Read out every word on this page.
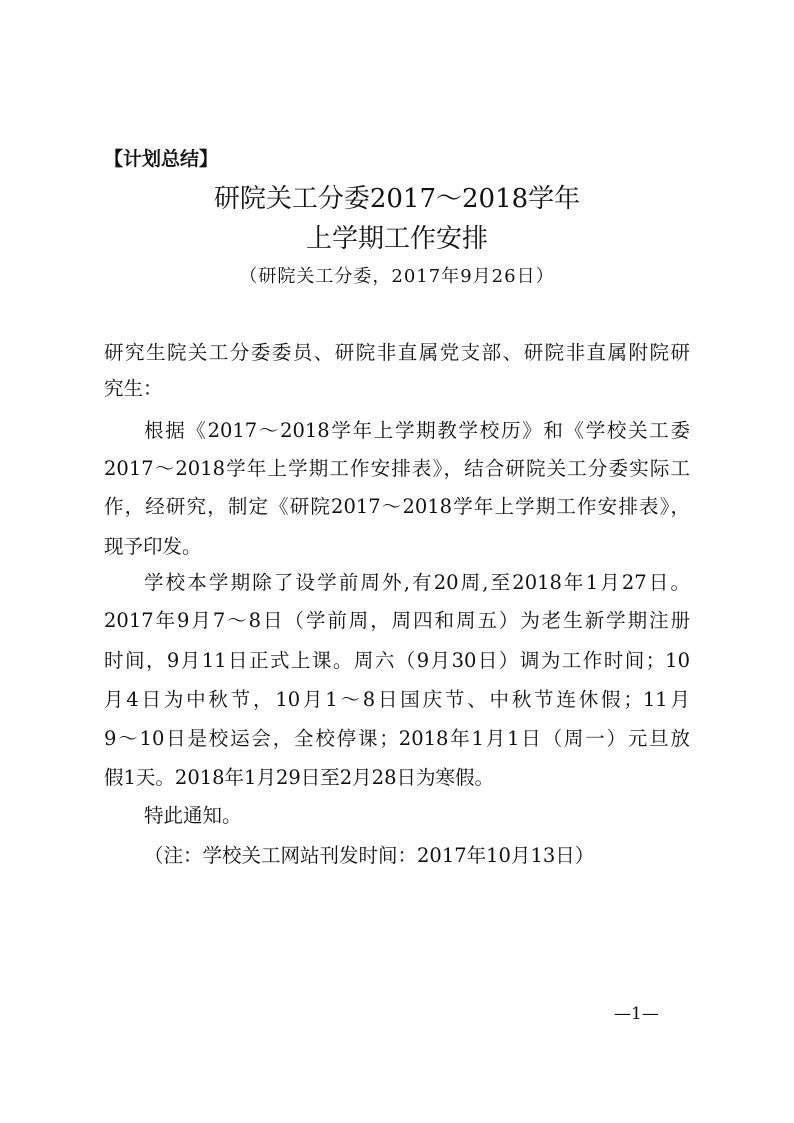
【计划总结】
研院关工分委2017～2018学年
上学期工作安排
（研院关工分委，2017年9月26日）
研究生院关工分委委员、研院非直属党支部、研院非直属附院研
究生：
根据《2017～2018学年上学期教学校历》和《学校关工委
2017～2018学年上学期工作安排表》，结合研院关工分委实际工
作，经研究，制定《研院2017～2018学年上学期工作安排表》，
现予印发。
学校本学期除了设学前周外,有20周,至2018年1月27日。
2017年9月7～8日（学前周，周四和周五）为老生新学期注册
时间，9月11日正式上课。周六（9月30日）调为工作时间；10
月4日为中秋节，10月1～8日国庆节、中秋节连休假；11月
9～10日是校运会，全校停课；2018年1月1日（周一）元旦放
假1天。2018年1月29日至2月28日为寒假。
特此通知。
（注：学校关工网站刊发时间：2017年10月13日）
—1—
